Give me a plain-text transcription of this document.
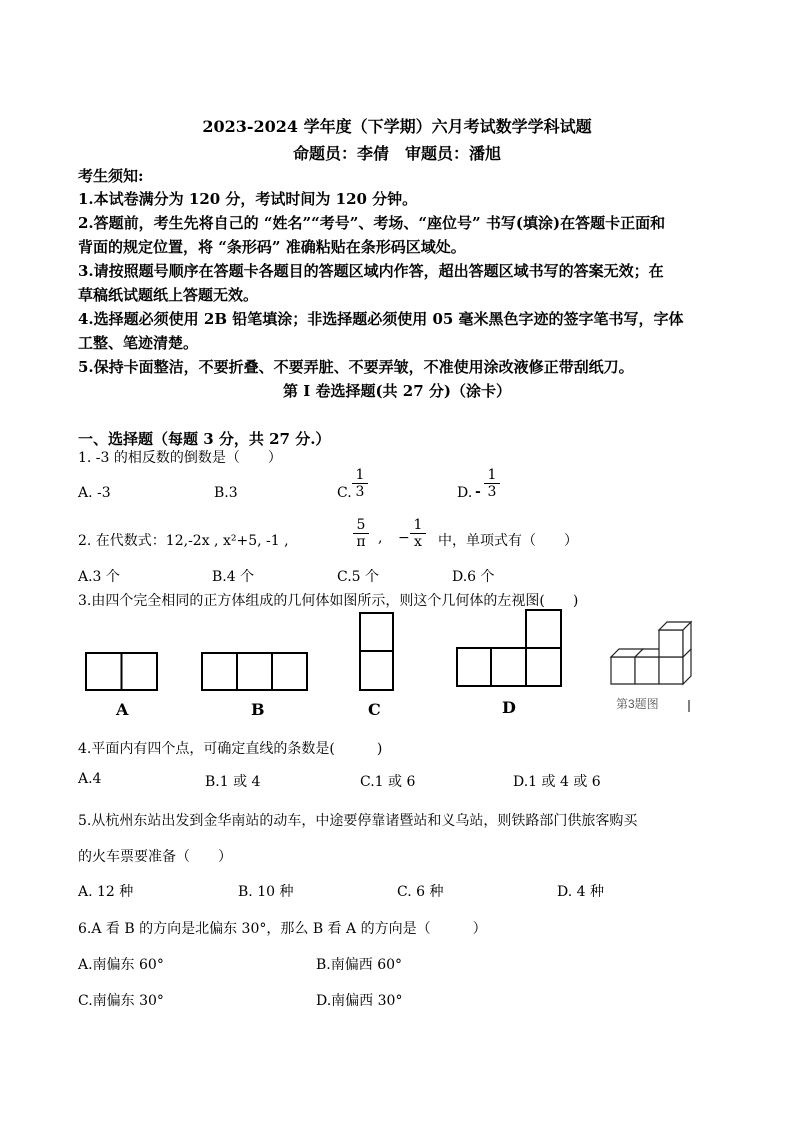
2023-2024 学年度（下学期）六月考试数学学科试题
命题员：李倩　审题员：潘旭
考生须知:
1.本试卷满分为 120 分，考试时间为 120 分钟。
2.答题前，考生先将自己的 “姓名”“考号”、考场、“座位号” 书写(填涂)在答题卡正面和
背面的规定位置，将 “条形码” 准确粘贴在条形码区域处。
3.请按照题号顺序在答题卡各题目的答题区域内作答，超出答题区域书写的答案无效；在
草稿纸试题纸上答题无效。
4.选择题必须使用 2B 铅笔填涂；非选择题必须使用 05 毫米黑色字迹的签字笔书写，字体
工整、笔迹清楚。
5.保持卡面整洁，不要折叠、不要弄脏、不要弄皱，不准使用涂改液修正带刮纸刀。
第 I 卷选择题(共 27 分)（涂卡）
一、选择题（每题 3 分，共 27 分.）
1. -3 的相反数的倒数是（　　）
A. -3	B.3	C.
1
3	D. -
1
3
2. 在代数式：12,-2x , x²+5, -1 ,
5
π , −
1
x 中，单项式有（　　）
A.3 个	B.4 个	C.5 个	D.6 个
3.由四个完全相同的正方体组成的几何体如图所示，则这个几何体的左视图(　　)
A	B	C	D	第3题图
4.平面内有四个点，可确定直线的条数是(　　　)
A.4	B.1 或 4	C.1 或 6	D.1 或 4 或 6
5.从杭州东站出发到金华南站的动车，中途要停靠诸暨站和义乌站，则铁路部门供旅客购买
的火车票要准备（　　）
A. 12 种	B. 10 种	C. 6 种	D. 4 种
6.A 看 B 的方向是北偏东 30°，那么 B 看 A 的方向是（　　　）
A.南偏东 60°	B.南偏西 60°
C.南偏东 30°	D.南偏西 30°
